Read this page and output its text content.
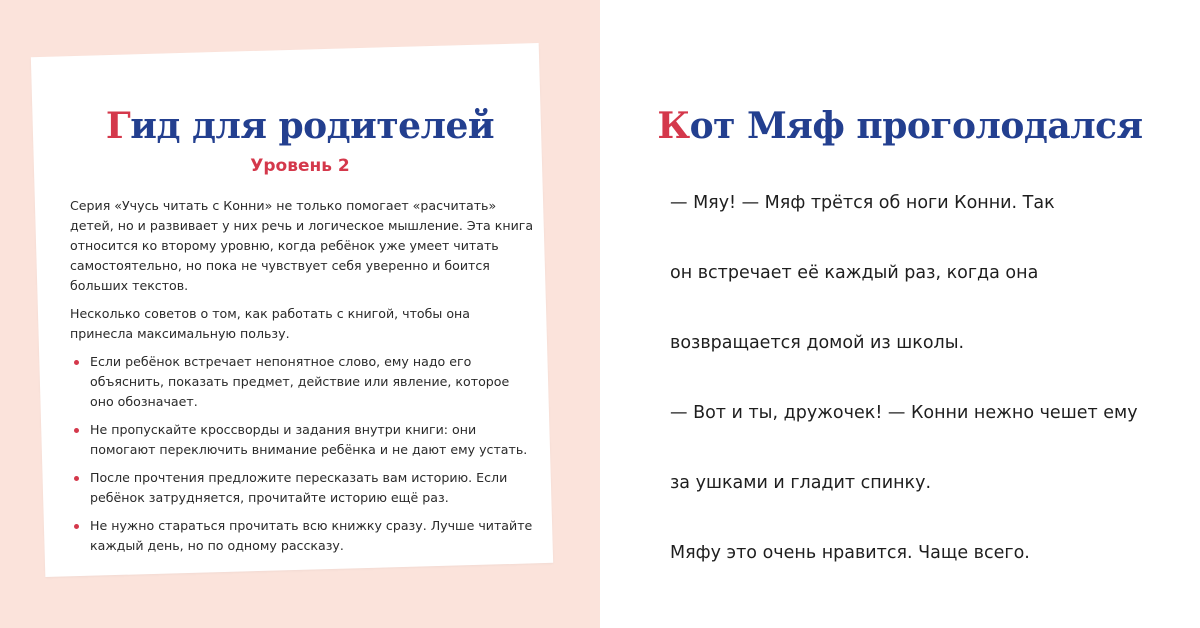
Гид для родителей
Уровень 2

Серия «Учусь читать с Конни» не только помогает «расчитать» детей, но и развивает у них речь и логическое мышление. Эта книга относится ко второму уровню, когда ребёнок уже умеет читать самостоятельно, но пока не чувствует себя уверенно и боится больших текстов.

Несколько советов о том, как работать с книгой, чтобы она принесла максимальную пользу.

Если ребёнок встречает непонятное слово, ему надо его объяснить, показать предмет, действие или явление, которое оно обозначает.
Не пропускайте кроссворды и задания внутри книги: они помогают переключить внимание ребёнка и не дают ему устать.
После прочтения предложите пересказать вам историю. Если ребёнок затрудняется, прочитайте историю ещё раз.
Не нужно стараться прочитать всю книжку сразу. Лучше читайте каждый день, но по одному рассказу.
Кот Мяф проголодался
— Мяу! — Мяф трётся об ноги Конни. Так
он встречает её каждый раз, когда она
возвращается домой из школы.
— Вот и ты, дружочек! — Конни нежно чешет ему
за ушками и гладит спинку.
Мяфу это очень нравится. Чаще всего.
